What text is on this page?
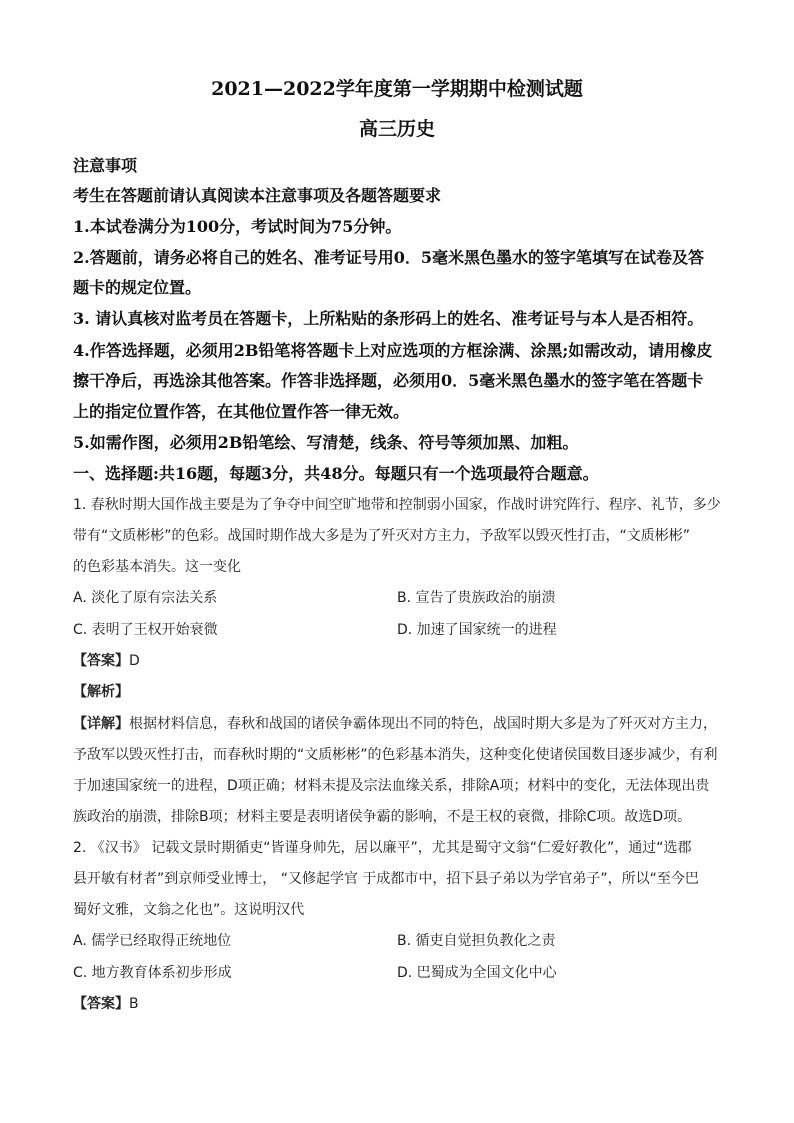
2021—2022学年度第一学期期中检测试题
高三历史
注意事项
考生在答题前请认真阅读本注意事项及各题答题要求
1.本试卷满分为100分，考试时间为75分钟。
2.答题前，请务必将自己的姓名、准考证号用0．5毫米黑色墨水的签字笔填写在试卷及答
题卡的规定位置。
3. 请认真核对监考员在答题卡，上所粘贴的条形码上的姓名、准考证号与本人是否相符。
4.作答选择题，必须用2B铅笔将答题卡上对应选项的方框涂满、涂黑;如需改动，请用橡皮
擦干净后，再选涂其他答案。作答非选择题，必须用0．5毫米黑色墨水的签字笔在答题卡
上的指定位置作答，在其他位置作答一律无效。
5.如需作图，必须用2B铅笔绘、写清楚，线条、符号等须加黑、加粗。
一、选择题:共16题，每题3分，共48分。每题只有一个选项最符合题意。
1. 春秋时期大国作战主要是为了争夺中间空旷地带和控制弱小国家，作战时讲究阵行、程序、礼节，多少
带有“文质彬彬”的色彩。战国时期作战大多是为了歼灭对方主力，予敌军以毁灭性打击，“文质彬彬”
的色彩基本消失。这一变化
A. 淡化了原有宗法关系	B. 宣告了贵族政治的崩溃
C. 表明了王权开始衰微	D. 加速了国家统一的进程
【答案】D
【解析】
【详解】根据材料信息，春秋和战国的诸侯争霸体现出不同的特色，战国时期大多是为了歼灭对方主力，
予敌军以毁灭性打击，而春秋时期的“文质彬彬”的色彩基本消失，这种变化使诸侯国数目逐步减少，有利
于加速国家统一的进程，D项正确；材料未提及宗法血缘关系，排除A项；材料中的变化，无法体现出贵
族政治的崩溃，排除B项；材料主要是表明诸侯争霸的影响，不是王权的衰微，排除C项。故选D项。
2. 《汉书》 记载文景时期循吏“皆谨身帅先，居以廉平”，尤其是蜀守文翁“仁爱好教化”，通过“选郡
县开敏有材者”到京师受业博士， “又修起学官 于成都市中，招下县子弟以为学官弟子”，所以“至今巴
蜀好文雅，文翁之化也”。这说明汉代
A. 儒学已经取得正统地位	B. 循吏自觉担负教化之责
C. 地方教育体系初步形成	D. 巴蜀成为全国文化中心
【答案】B
